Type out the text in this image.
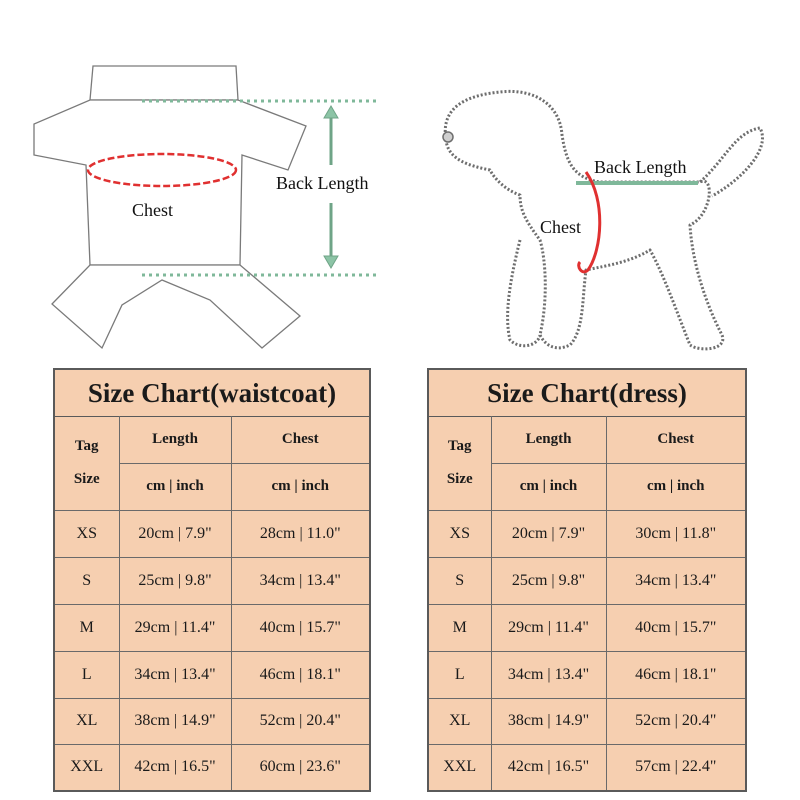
Chest
Back Length
Back Length
Chest
Size Chart(waistcoat)
Tag
Size	Length	Chest
	cm | inch	cm | inch
XS	20cm | 7.9"	28cm | 11.0"
S	25cm | 9.8"	34cm | 13.4"
M	29cm | 11.4"	40cm | 15.7"
L	34cm | 13.4"	46cm | 18.1"
XL	38cm | 14.9"	52cm | 20.4"
XXL	42cm | 16.5"	60cm | 23.6"
Size Chart(dress)
Tag
Size	Length	Chest
	cm | inch	cm | inch
XS	20cm | 7.9"	30cm | 11.8"
S	25cm | 9.8"	34cm | 13.4"
M	29cm | 11.4"	40cm | 15.7"
L	34cm | 13.4"	46cm | 18.1"
XL	38cm | 14.9"	52cm | 20.4"
XXL	42cm | 16.5"	57cm | 22.4"
